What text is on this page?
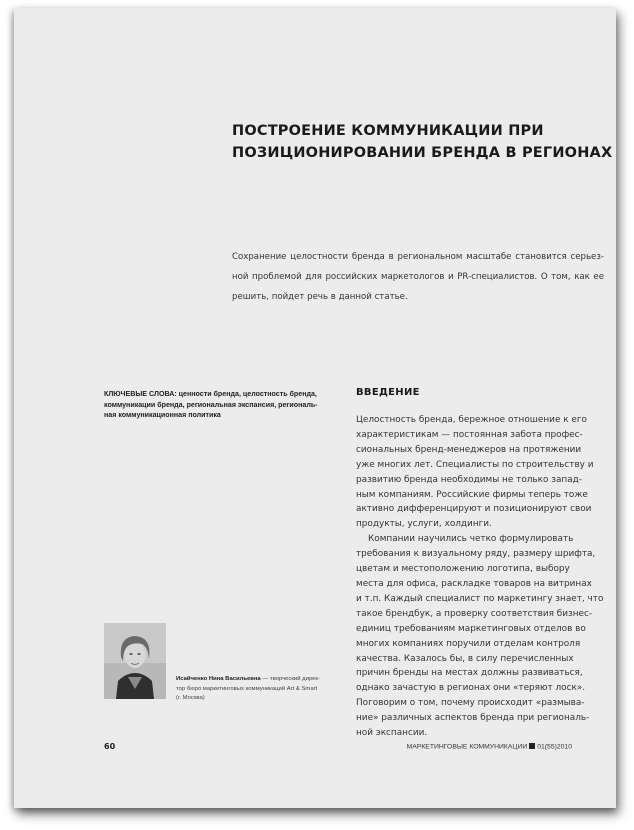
ПОСТРОЕНИЕ КОММУНИКАЦИИ ПРИ
ПОЗИЦИОНИРОВАНИИ БРЕНДА В РЕГИОНАХ
Сохранение целостности бренда в региональном масштабе становится серьез-
ной проблемой для российских маркетологов и PR-специалистов. О том, как ее
решить, пойдет речь в данной статье.
КЛЮЧЕВЫЕ СЛОВА: ценности бренда, целостность бренда,
коммуникации бренда, региональная экспансия, региональ-
ная коммуникационная политика
ВВЕДЕНИЕ
Целостность бренда, бережное отношение к его
характеристикам — постоянная забота профес-
сиональных бренд-менеджеров на протяжении
уже многих лет. Специалисты по строительству и
развитию бренда необходимы не только запад-
ным компаниям. Российские фирмы теперь тоже
активно дифференцируют и позиционируют свои
продукты, услуги, холдинги.
Компании научились четко формулировать
требования к визуальному ряду, размеру шрифта,
цветам и местоположению логотипа, выбору
места для офиса, раскладке товаров на витринах
и т.п. Каждый специалист по маркетингу знает, что
такое брендбук, а проверку соответствия бизнес-
единиц требованиям маркетинговых отделов во
многих компаниях поручили отделам контроля
качества. Казалось бы, в силу перечисленных
причин бренды на местах должны развиваться,
однако зачастую в регионах они «теряют лоск».
Поговорим о том, почему происходит «размыва-
ние» различных аспектов бренда при региональ-
ной экспансии.
Исайченко Нина Васильевна — творческий дирек-
тор бюро маркетинговых коммуникаций Art & Smart
(г. Москва)
60	МАРКЕТИНГОВЫЕ КОММУНИКАЦИИ 01(55)2010
